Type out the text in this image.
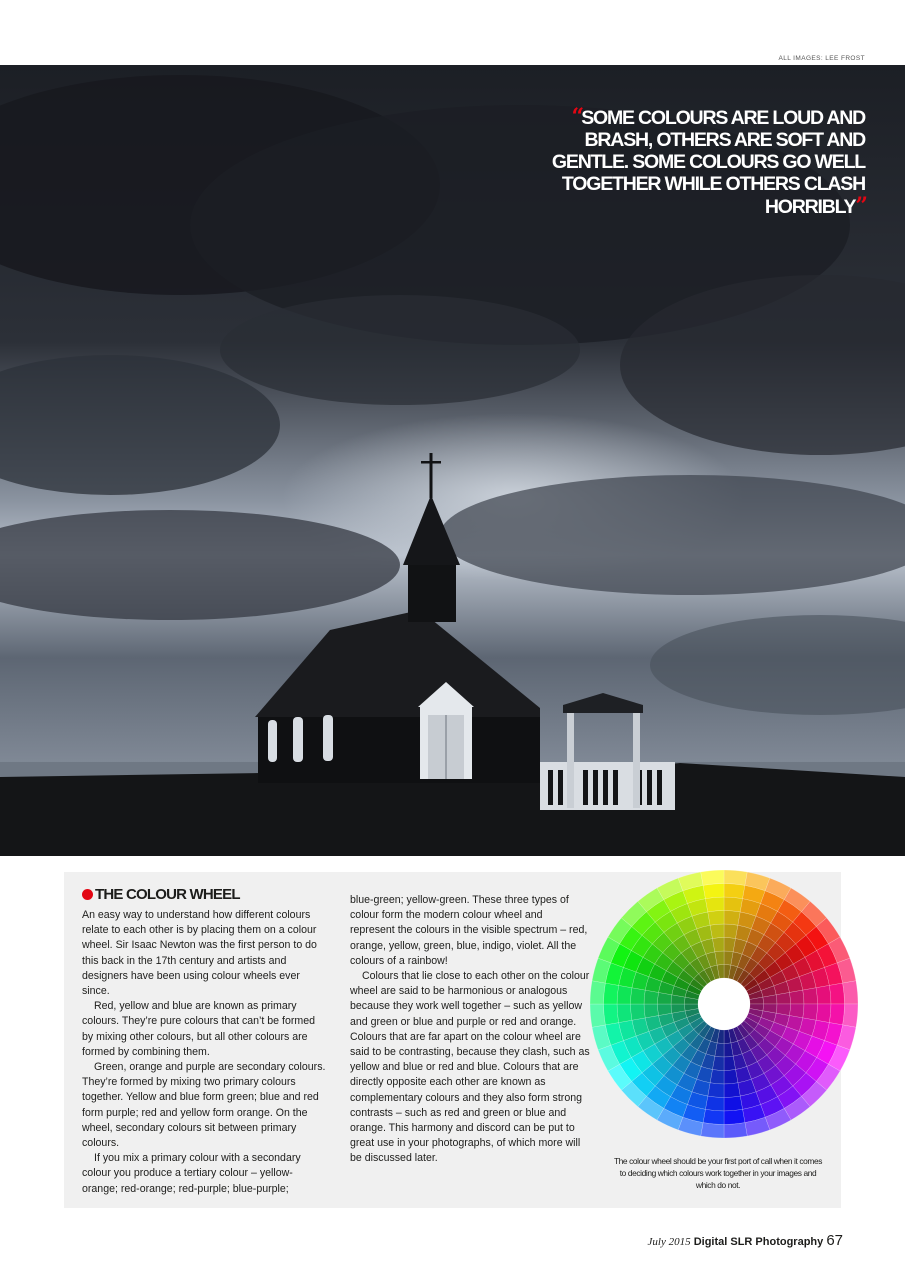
ALL IMAGES: LEE FROST
“SOME COLOURS ARE LOUD AND BRASH, OTHERS ARE SOFT AND GENTLE. SOME COLOURS GO WELL TOGETHER WHILE OTHERS CLASH HORRIBLY”
THE COLOUR WHEEL

An easy way to understand how different colours relate to each other is by placing them on a colour wheel. Sir Isaac Newton was the first person to do this back in the 17th century and artists and designers have been using colour wheels ever since.

Red, yellow and blue are known as primary colours. They’re pure colours that can’t be formed by mixing other colours, but all other colours are formed by combining them.

Green, orange and purple are secondary colours. They’re formed by mixing two primary colours together. Yellow and blue form green; blue and red form purple; red and yellow form orange. On the wheel, secondary colours sit between primary colours.

If you mix a primary colour with a secondary colour you produce a tertiary colour – yellow-orange; red-orange; red-purple; blue-purple;

blue-green; yellow-green. These three types of colour form the modern colour wheel and represent the colours in the visible spectrum – red, orange, yellow, green, blue, indigo, violet. All the colours of a rainbow!

Colours that lie close to each other on the colour wheel are said to be harmonious or analogous because they work well together – such as yellow and green or blue and purple or red and orange. Colours that are far apart on the colour wheel are said to be contrasting, because they clash, such as yellow and blue or red and blue. Colours that are directly opposite each other are known as complementary colours and they also form strong contrasts – such as red and green or blue and orange. This harmony and discord can be put to great use in your photographs, of which more will be discussed later.	The colour wheel should be your first port of call when it comes to deciding which colours work together in your images and which do not.
July 2015 Digital SLR Photography 67
